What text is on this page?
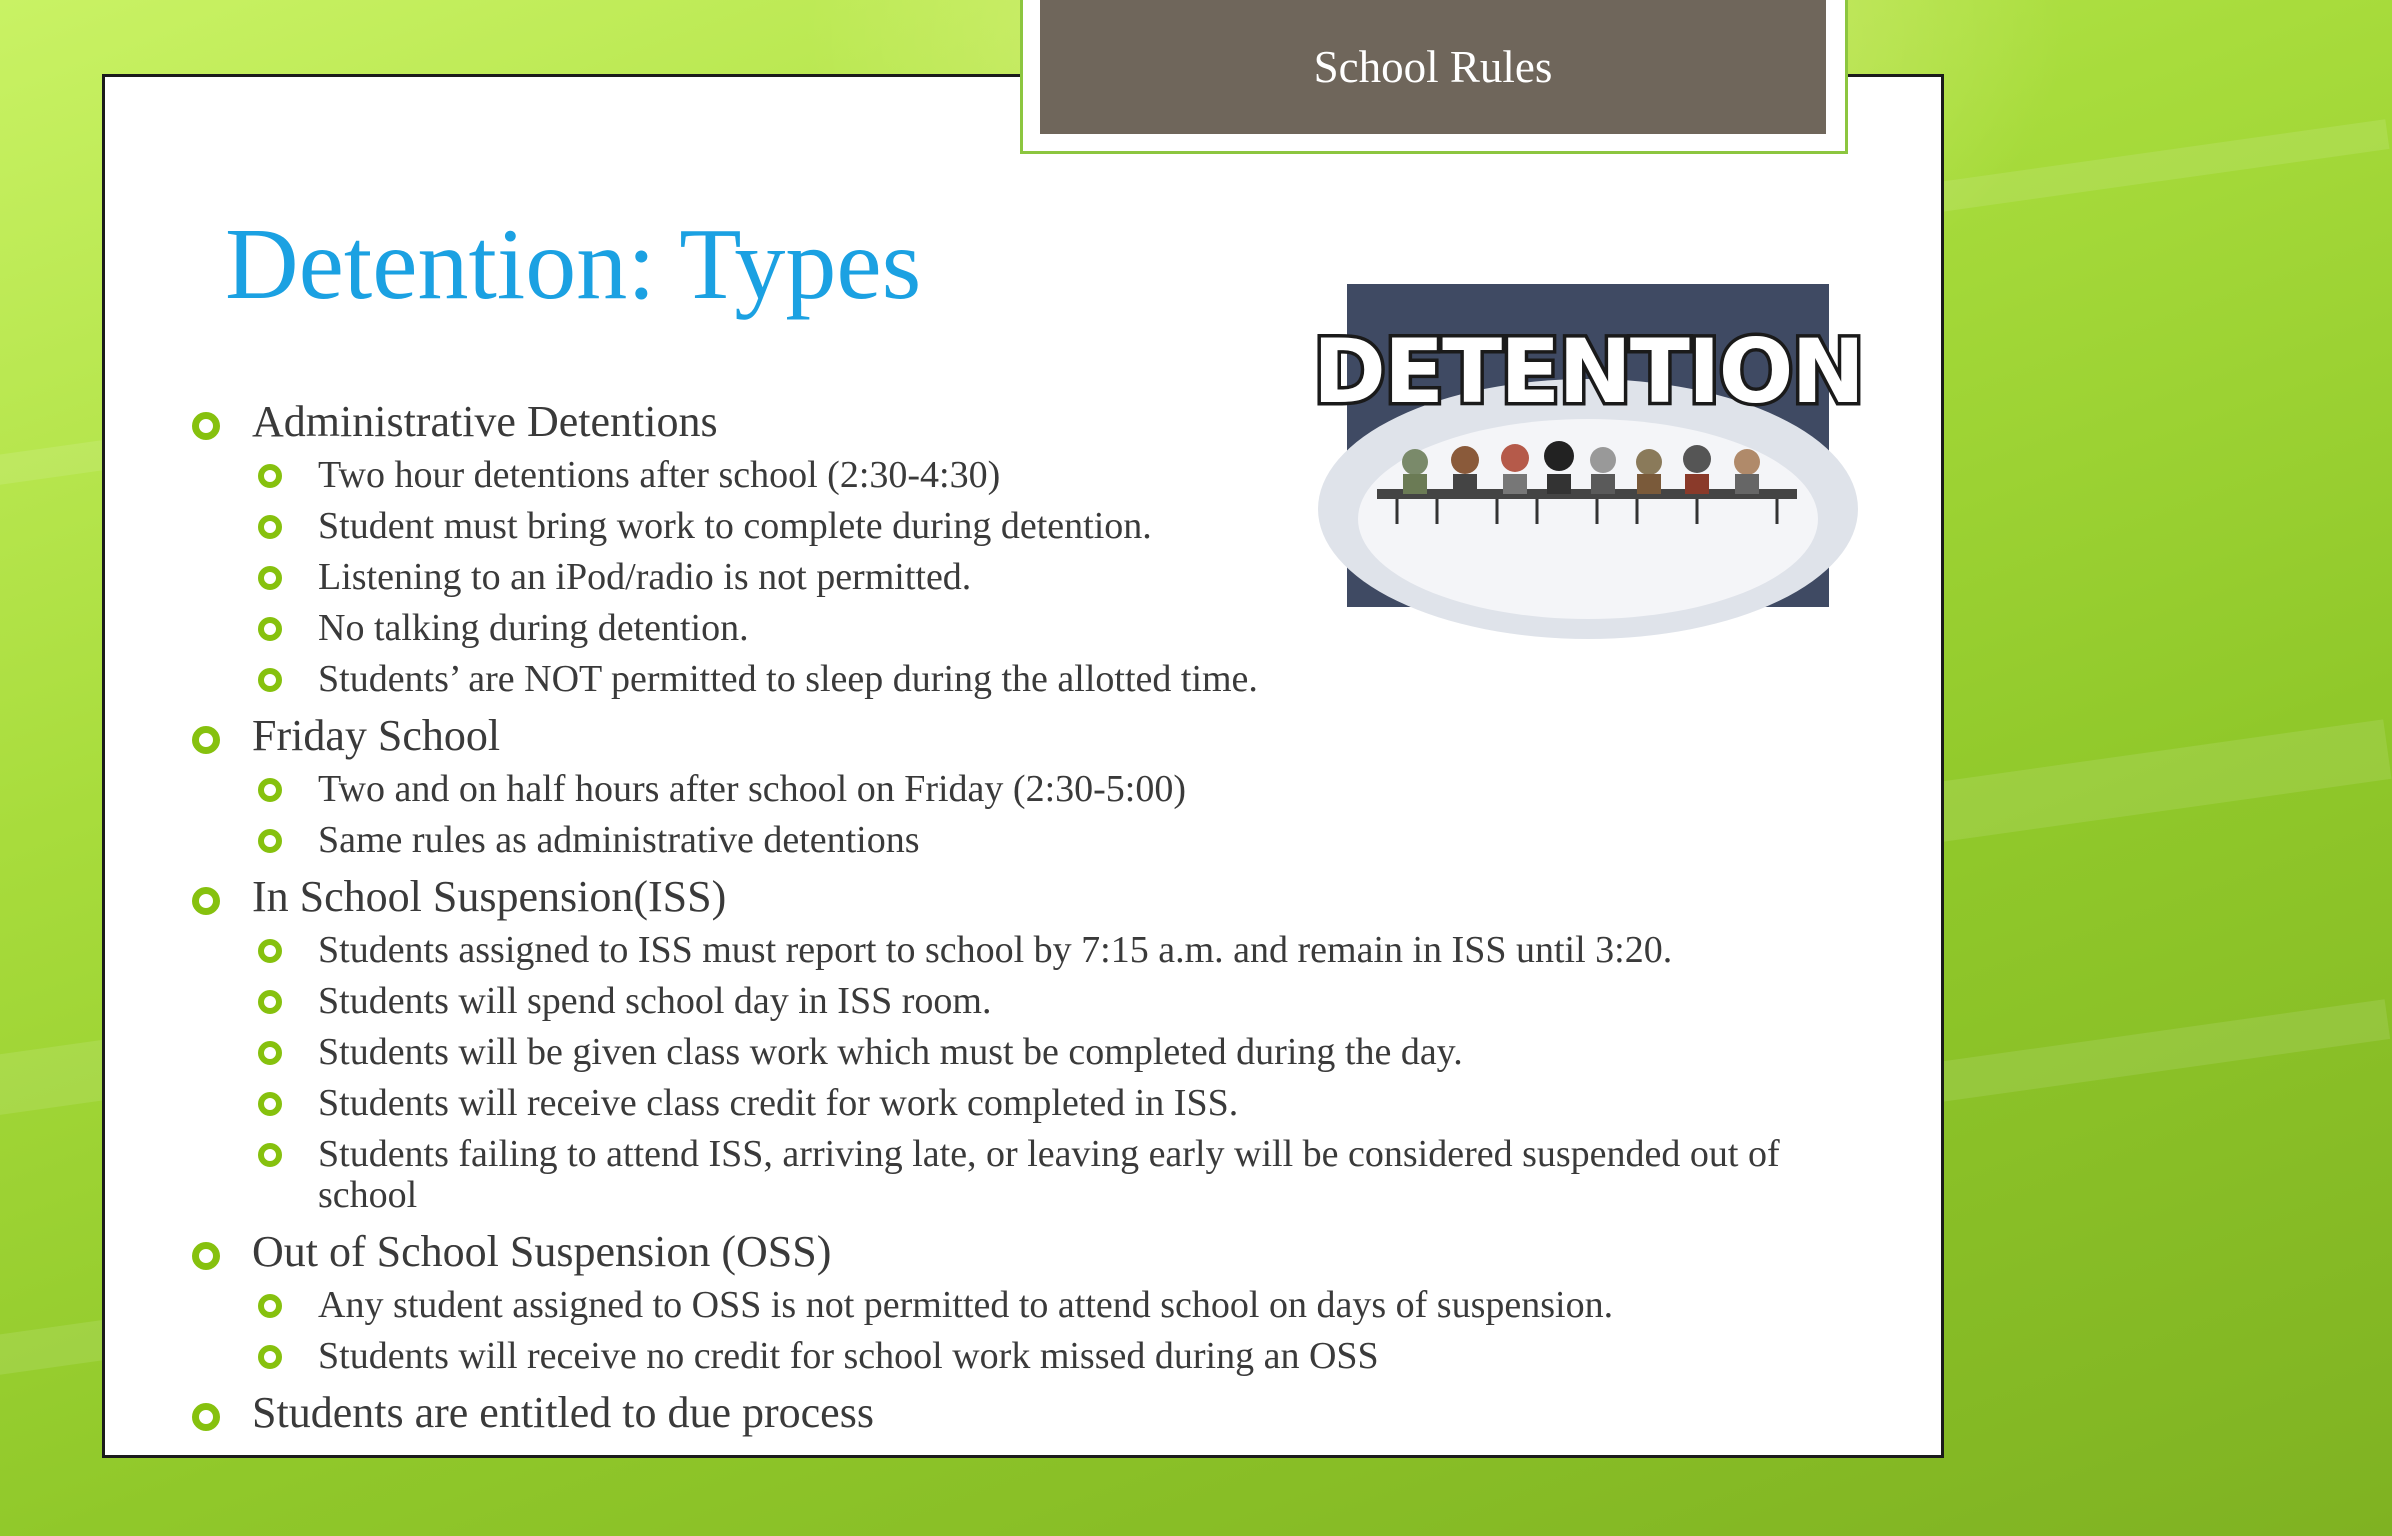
School Rules
Detention: Types
DETENTION
Administrative Detentions
Two hour detentions after school (2:30-4:30)
Student must bring work to complete during detention.
Listening to an iPod/radio is not permitted.
No talking during detention.
Students’ are NOT permitted to sleep during the allotted time.
Friday School
Two and on half hours after school on Friday (2:30-5:00)
Same rules as administrative detentions
In School Suspension(ISS)
Students assigned to ISS must report to school by 7:15 a.m. and remain in ISS until 3:20.
Students will spend school day in ISS room.
Students will be given class work which must be completed during the day.
Students will receive class credit for work completed in ISS.
Students failing to attend ISS, arriving late, or leaving early will be considered suspended out of
school
Out of School Suspension (OSS)
Any student assigned to OSS is not permitted to attend school on days of suspension.
Students will receive no credit for school work missed during an OSS
Students are entitled to due process
